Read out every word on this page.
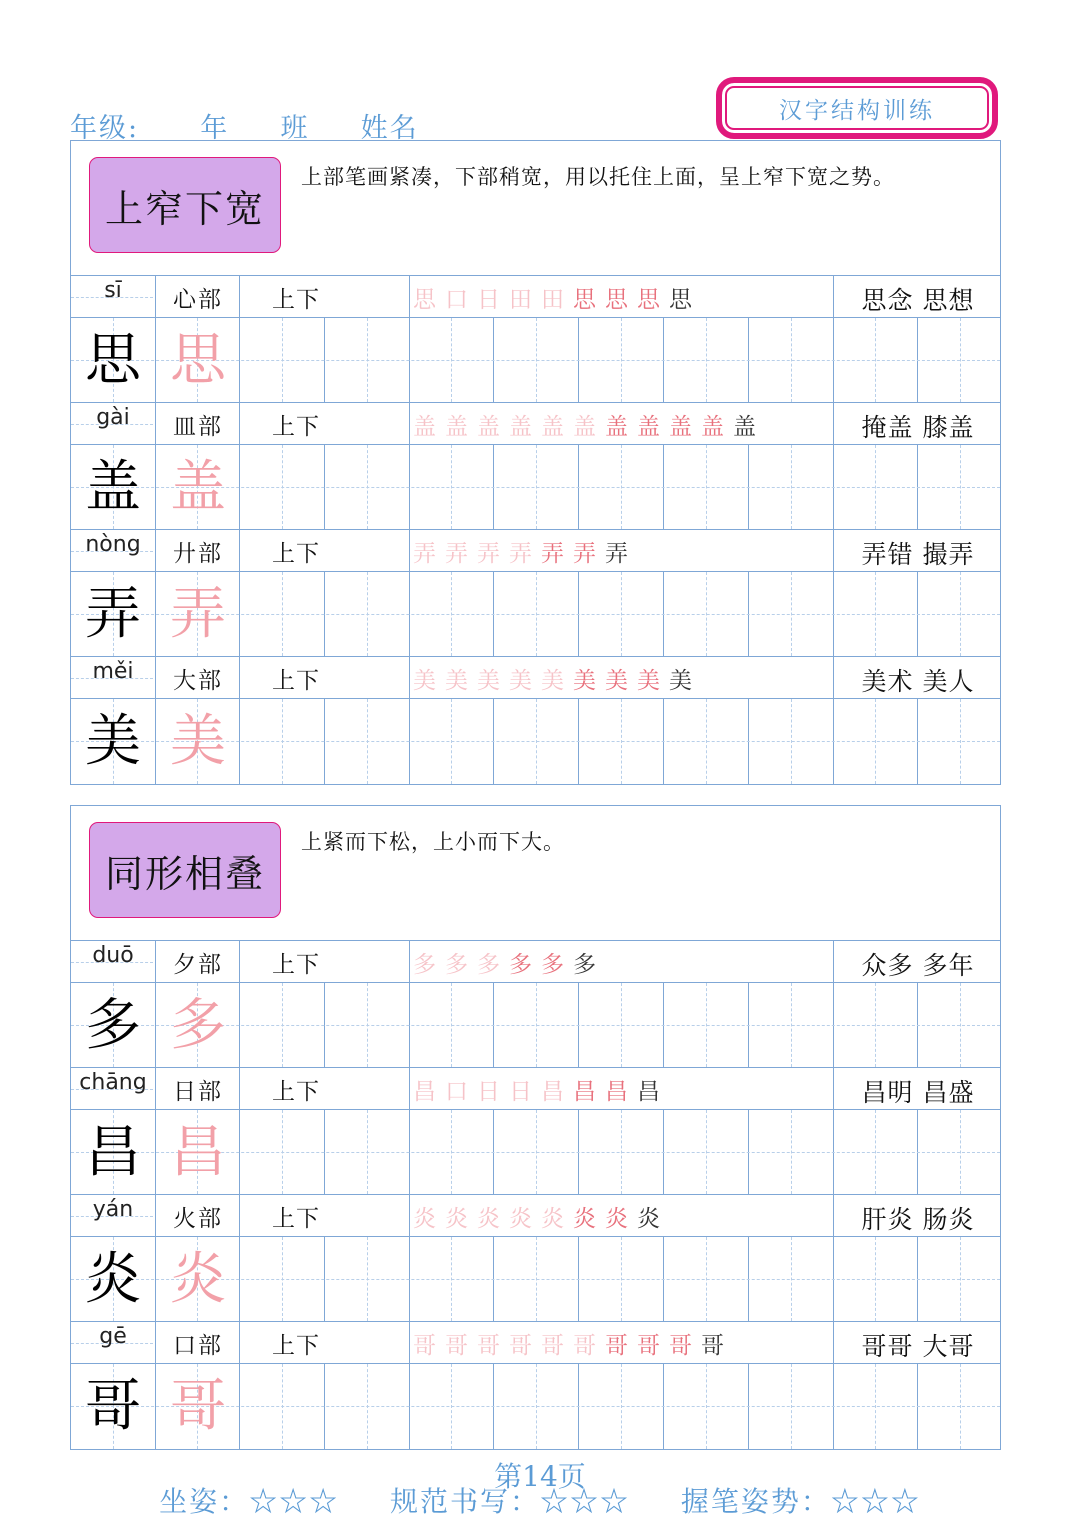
年级: 年 班 姓名
汉字结构训练
上窄下宽
上部笔画紧凑，下部稍宽，用以托住上面，呈上窄下宽之势。
sī	心部	上下	思口日田田思思思思	思念 思想
思 思
gài	皿部	上下	盖盖盖盖盖盖盖盖盖盖盖	掩盖 膝盖
盖 盖
nòng	廾部	上下	弄弄弄弄弄弄弄	弄错 撮弄
弄 弄
měi	大部	上下	美美美美美美美美美	美术 美人
美 美
同形相叠
上紧而下松，上小而下大。
duō	夕部	上下	多多多多多多	众多 多年
多 多
chāng	日部	上下	昌口日日昌昌昌昌	昌明 昌盛
昌 昌
yán	火部	上下	炎炎炎炎炎炎炎炎	肝炎 肠炎
炎 炎
gē	口部	上下	哥哥哥哥哥哥哥哥哥哥	哥哥 大哥
哥 哥
第14页
坐姿：☆☆☆ 规范书写：☆☆☆ 握笔姿势：☆☆☆
